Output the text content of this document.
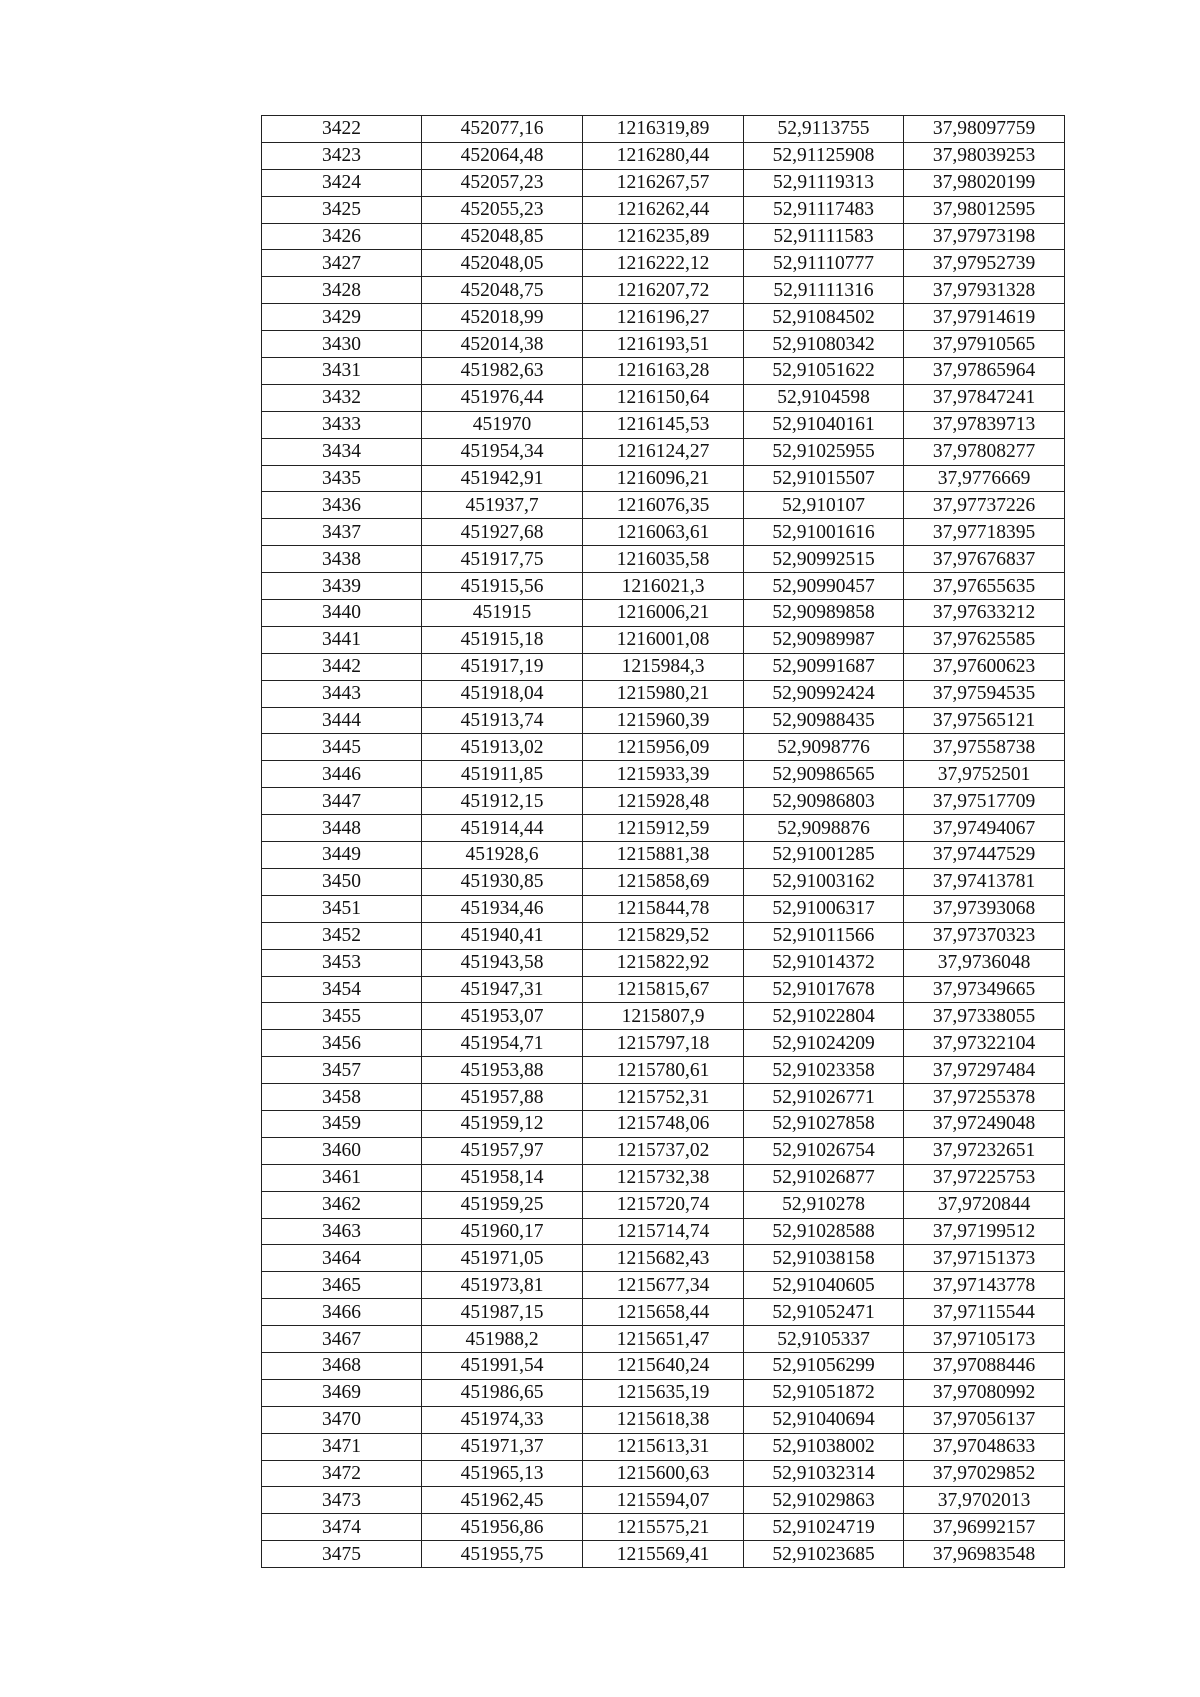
3422	452077,16	1216319,89	52,9113755	37,98097759
3423	452064,48	1216280,44	52,91125908	37,98039253
3424	452057,23	1216267,57	52,91119313	37,98020199
3425	452055,23	1216262,44	52,91117483	37,98012595
3426	452048,85	1216235,89	52,91111583	37,97973198
3427	452048,05	1216222,12	52,91110777	37,97952739
3428	452048,75	1216207,72	52,91111316	37,97931328
3429	452018,99	1216196,27	52,91084502	37,97914619
3430	452014,38	1216193,51	52,91080342	37,97910565
3431	451982,63	1216163,28	52,91051622	37,97865964
3432	451976,44	1216150,64	52,9104598	37,97847241
3433	451970	1216145,53	52,91040161	37,97839713
3434	451954,34	1216124,27	52,91025955	37,97808277
3435	451942,91	1216096,21	52,91015507	37,9776669
3436	451937,7	1216076,35	52,910107	37,97737226
3437	451927,68	1216063,61	52,91001616	37,97718395
3438	451917,75	1216035,58	52,90992515	37,97676837
3439	451915,56	1216021,3	52,90990457	37,97655635
3440	451915	1216006,21	52,90989858	37,97633212
3441	451915,18	1216001,08	52,90989987	37,97625585
3442	451917,19	1215984,3	52,90991687	37,97600623
3443	451918,04	1215980,21	52,90992424	37,97594535
3444	451913,74	1215960,39	52,90988435	37,97565121
3445	451913,02	1215956,09	52,9098776	37,97558738
3446	451911,85	1215933,39	52,90986565	37,9752501
3447	451912,15	1215928,48	52,90986803	37,97517709
3448	451914,44	1215912,59	52,9098876	37,97494067
3449	451928,6	1215881,38	52,91001285	37,97447529
3450	451930,85	1215858,69	52,91003162	37,97413781
3451	451934,46	1215844,78	52,91006317	37,97393068
3452	451940,41	1215829,52	52,91011566	37,97370323
3453	451943,58	1215822,92	52,91014372	37,9736048
3454	451947,31	1215815,67	52,91017678	37,97349665
3455	451953,07	1215807,9	52,91022804	37,97338055
3456	451954,71	1215797,18	52,91024209	37,97322104
3457	451953,88	1215780,61	52,91023358	37,97297484
3458	451957,88	1215752,31	52,91026771	37,97255378
3459	451959,12	1215748,06	52,91027858	37,97249048
3460	451957,97	1215737,02	52,91026754	37,97232651
3461	451958,14	1215732,38	52,91026877	37,97225753
3462	451959,25	1215720,74	52,910278	37,9720844
3463	451960,17	1215714,74	52,91028588	37,97199512
3464	451971,05	1215682,43	52,91038158	37,97151373
3465	451973,81	1215677,34	52,91040605	37,97143778
3466	451987,15	1215658,44	52,91052471	37,97115544
3467	451988,2	1215651,47	52,9105337	37,97105173
3468	451991,54	1215640,24	52,91056299	37,97088446
3469	451986,65	1215635,19	52,91051872	37,97080992
3470	451974,33	1215618,38	52,91040694	37,97056137
3471	451971,37	1215613,31	52,91038002	37,97048633
3472	451965,13	1215600,63	52,91032314	37,97029852
3473	451962,45	1215594,07	52,91029863	37,9702013
3474	451956,86	1215575,21	52,91024719	37,96992157
3475	451955,75	1215569,41	52,91023685	37,96983548
